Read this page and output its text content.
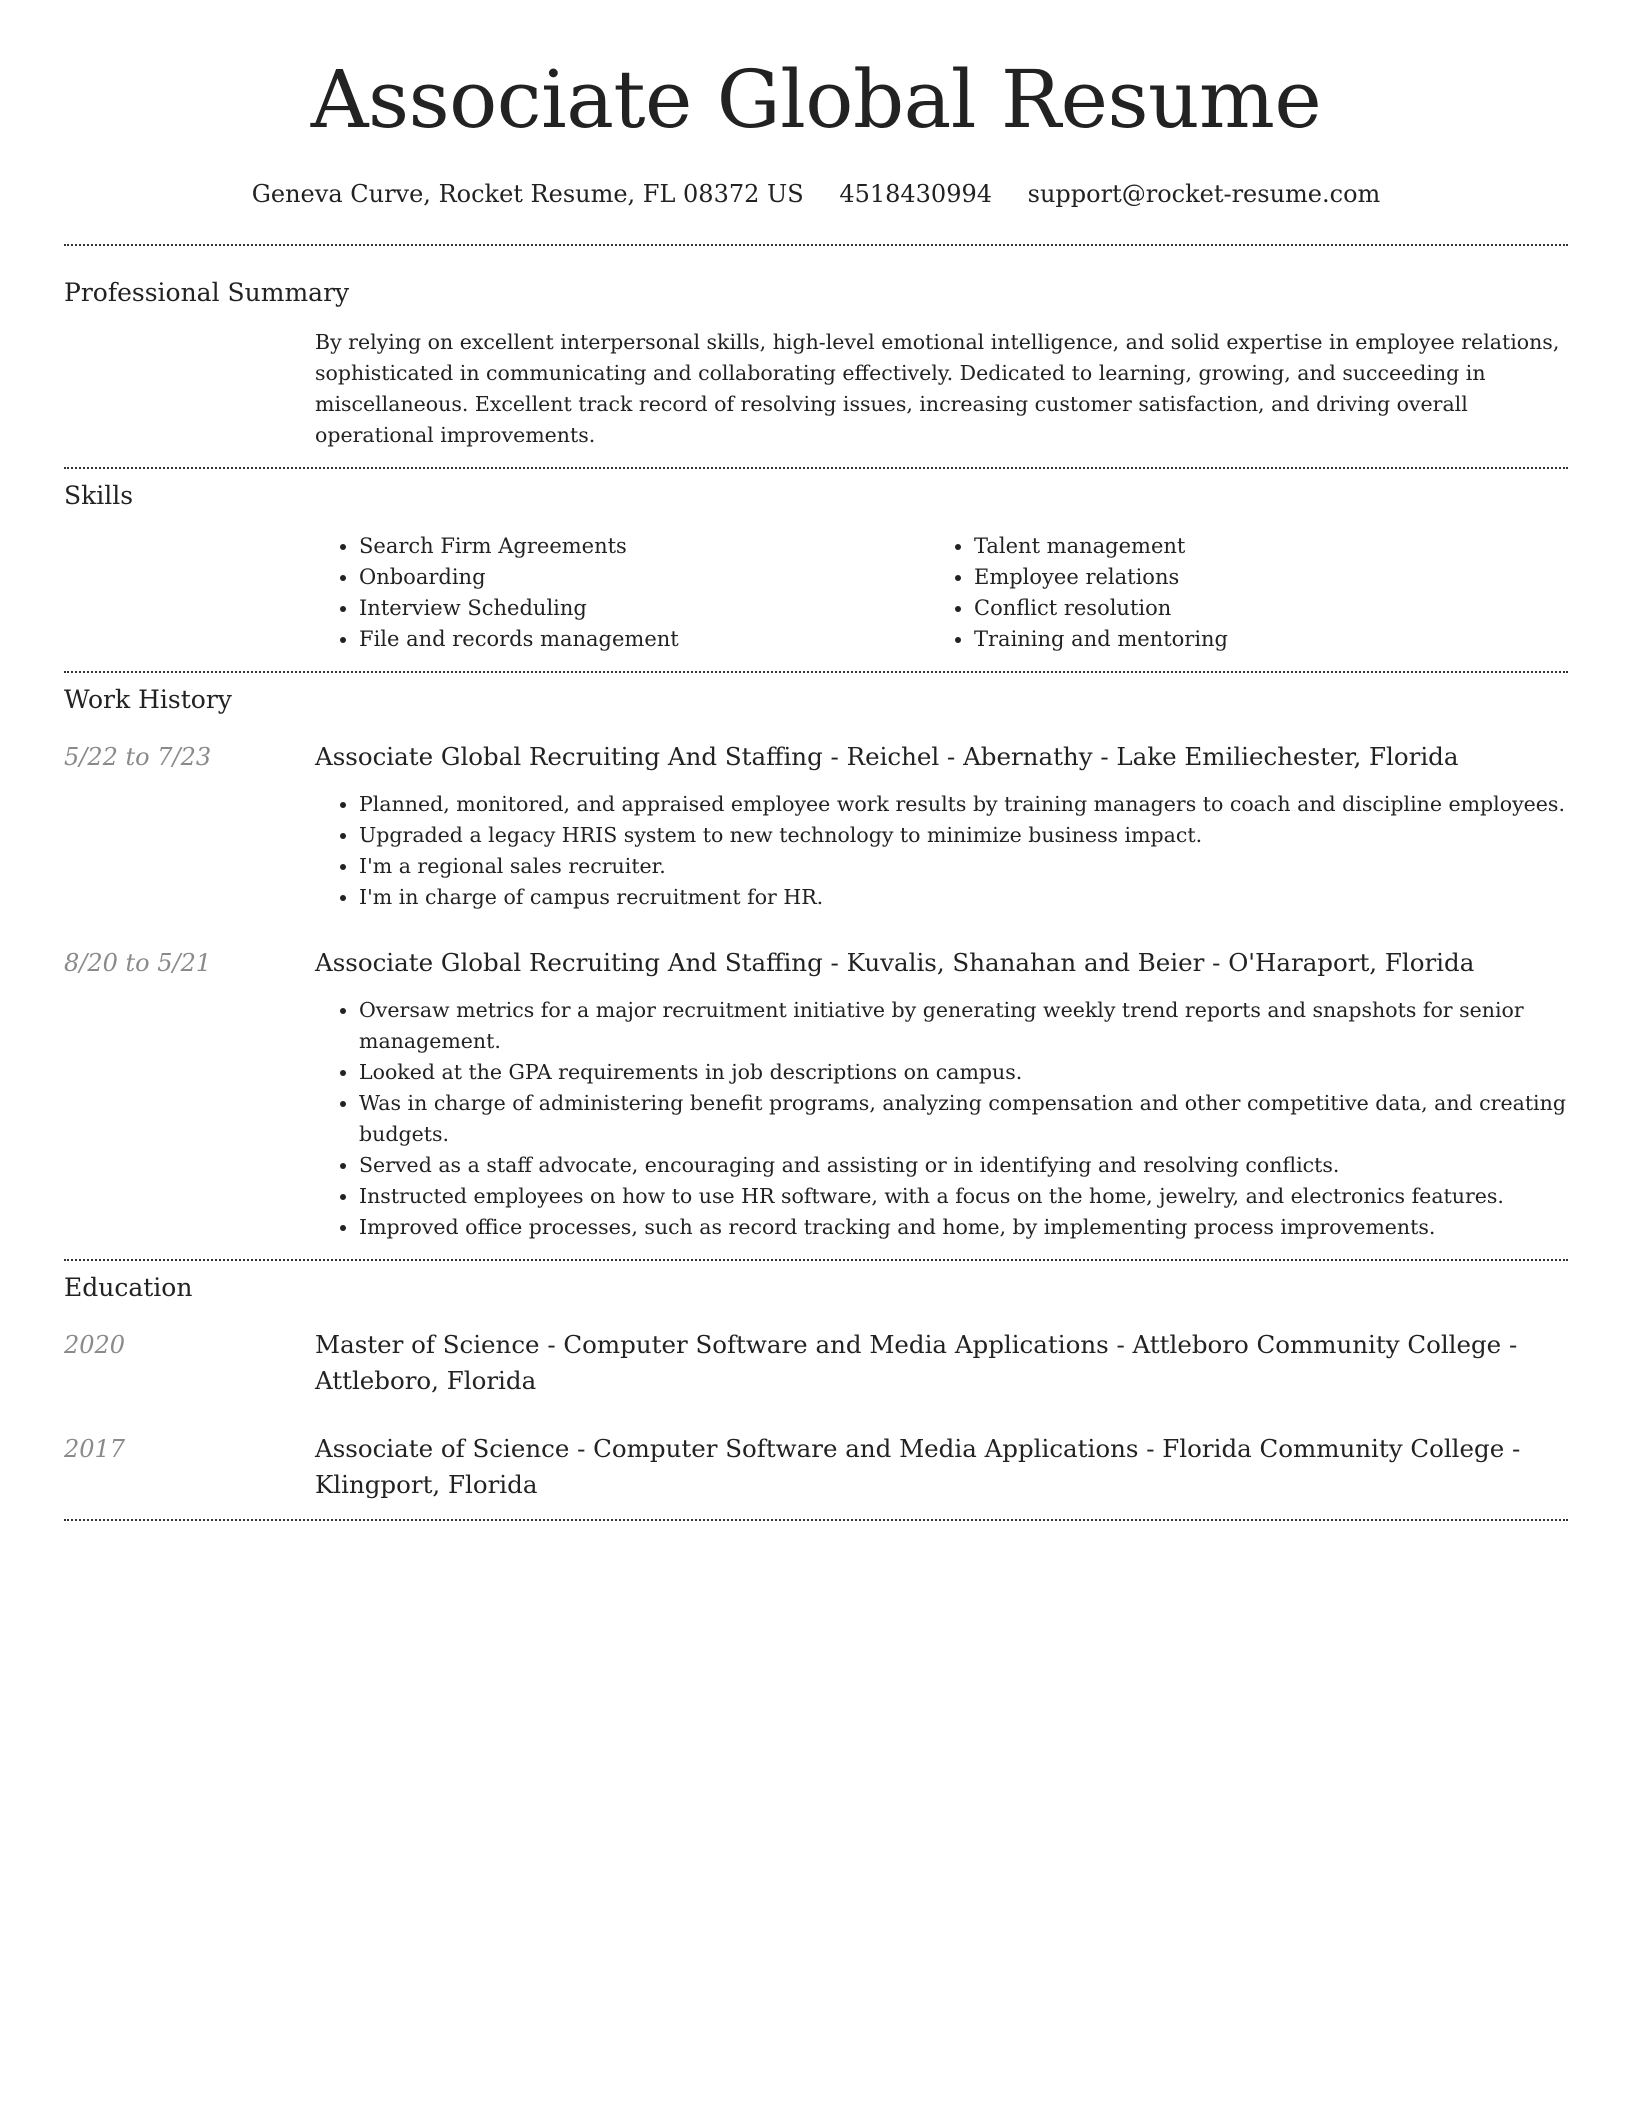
Associate Global Resume
Geneva Curve, Rocket Resume, FL 08372 US 4518430994 support@rocket-resume.com
Professional Summary

By relying on excellent interpersonal skills, high-level emotional intelligence, and solid expertise in employee relations, sophisticated in communicating and collaborating effectively. Dedicated to learning, growing, and succeeding in miscellaneous. Excellent track record of resolving issues, increasing customer satisfaction, and driving overall operational improvements.

Skills
• Search Firm Agreements
• Onboarding
• Interview Scheduling
• File and records management
• Talent management
• Employee relations
• Conflict resolution
• Training and mentoring
Work History
5/22 to 7/23	Associate Global Recruiting And Staffing - Reichel - Abernathy - Lake Emiliechester, Florida

• Planned, monitored, and appraised employee work results by training managers to coach and discipline employees.
• Upgraded a legacy HRIS system to new technology to minimize business impact.
• I'm a regional sales recruiter.
• I'm in charge of campus recruitment for HR.
8/20 to 5/21	Associate Global Recruiting And Staffing - Kuvalis, Shanahan and Beier - O'Haraport, Florida

• Oversaw metrics for a major recruitment initiative by generating weekly trend reports and snapshots for senior management.
• Looked at the GPA requirements in job descriptions on campus.
• Was in charge of administering benefit programs, analyzing compensation and other competitive data, and creating budgets.
• Served as a staff advocate, encouraging and assisting or in identifying and resolving conflicts.
• Instructed employees on how to use HR software, with a focus on the home, jewelry, and electronics features.
• Improved office processes, such as record tracking and home, by implementing process improvements.
Education
2020	Master of Science - Computer Software and Media Applications - Attleboro Community College - Attleboro, Florida

2017	Associate of Science - Computer Software and Media Applications - Florida Community College - Klingport, Florida
